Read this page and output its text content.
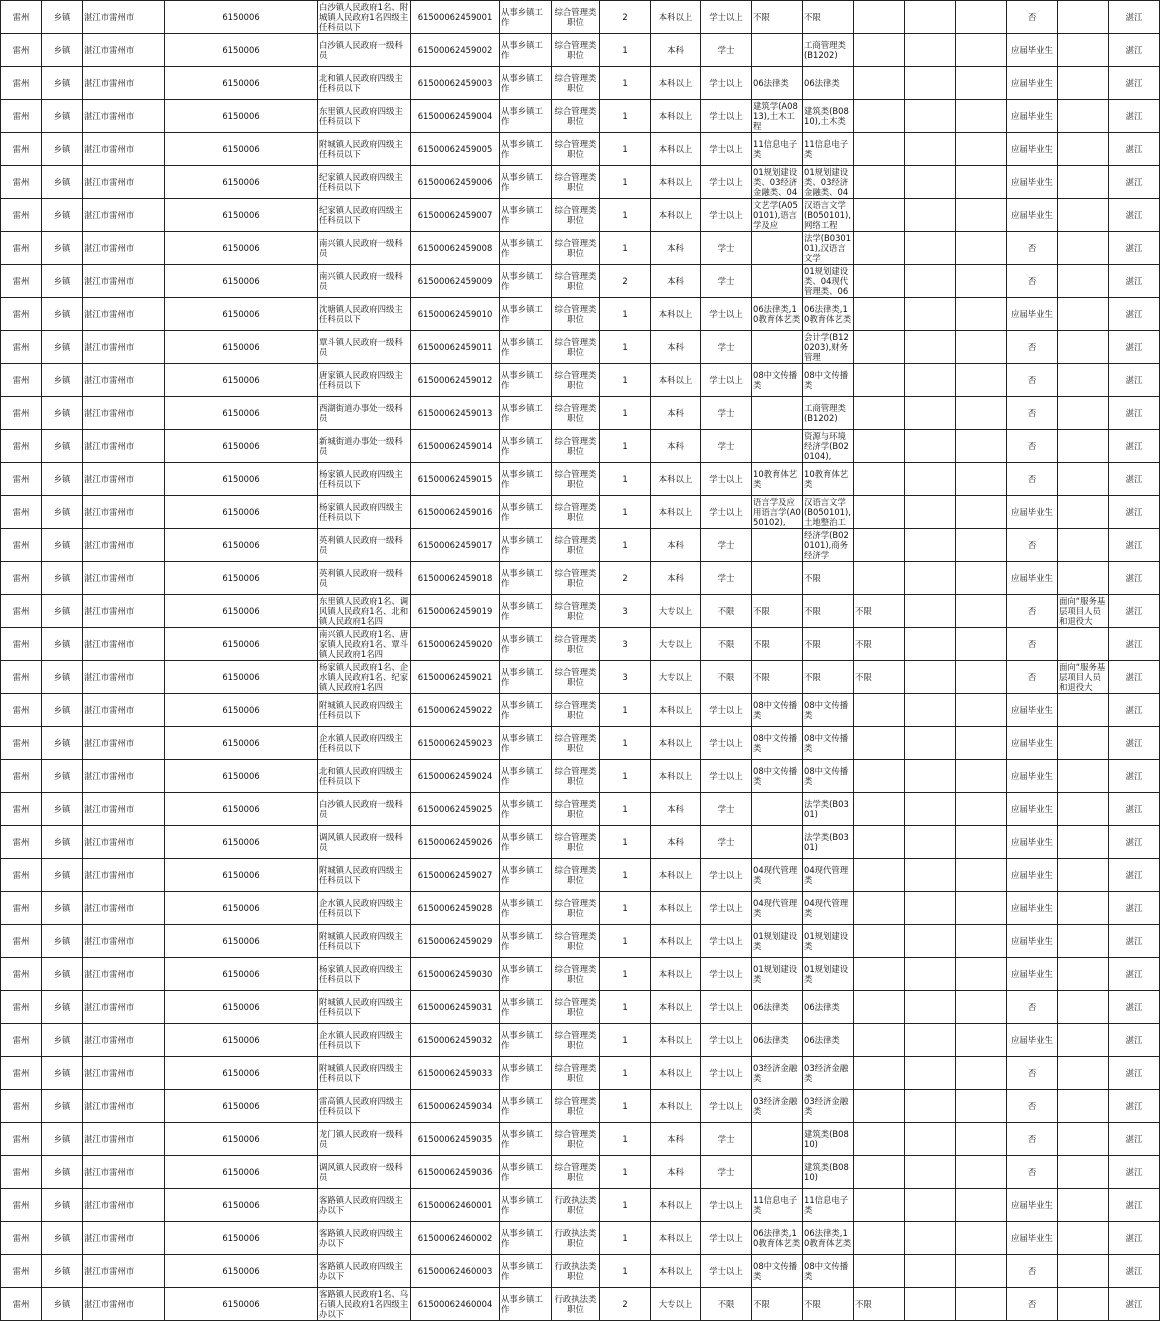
雷州	乡镇	湛江市雷州市	6150006	白沙镇人民政府1名、附城镇人民政府1名四级主任科员以下	61500062459001	从事乡镇工作	综合管理类职位	2	本科以上	学士以上	不限	不限				否		湛江

雷州	乡镇	湛江市雷州市	6150006	白沙镇人民政府一级科员	61500062459002	从事乡镇工作	综合管理类职位	1	本科	学士		工商管理类(B1202)				应届毕业生		湛江

雷州	乡镇	湛江市雷州市	6150006	北和镇人民政府四级主任科员以下	61500062459003	从事乡镇工作	综合管理类职位	1	本科以上	学士以上	06法律类	06法律类				应届毕业生		湛江

雷州	乡镇	湛江市雷州市	6150006	东里镇人民政府四级主任科员以下	61500062459004	从事乡镇工作	综合管理类职位	1	本科以上	学士以上	建筑学(A0813),土木工程	建筑类(B0810),土木类				应届毕业生		湛江

雷州	乡镇	湛江市雷州市	6150006	附城镇人民政府四级主任科员以下	61500062459005	从事乡镇工作	综合管理类职位	1	本科以上	学士以上	11信息电子类	11信息电子类				应届毕业生		湛江

雷州	乡镇	湛江市雷州市	6150006	纪家镇人民政府四级主任科员以下	61500062459006	从事乡镇工作	综合管理类职位	1	本科以上	学士以上	01规划建设类、03经济金融类、04	01规划建设类、03经济金融类、04				应届毕业生		湛江

雷州	乡镇	湛江市雷州市	6150006	纪家镇人民政府四级主任科员以下	61500062459007	从事乡镇工作	综合管理类职位	1	本科以上	学士以上	文艺学(A050101),语言学及应	汉语言文学(B050101),网络工程				应届毕业生		湛江

雷州	乡镇	湛江市雷州市	6150006	南兴镇人民政府一级科员	61500062459008	从事乡镇工作	综合管理类职位	1	本科	学士		法学(B030101),汉语言文学				否		湛江

雷州	乡镇	湛江市雷州市	6150006	南兴镇人民政府一级科员	61500062459009	从事乡镇工作	综合管理类职位	2	本科	学士		01规划建设类、04现代管理类、06				否		湛江

雷州	乡镇	湛江市雷州市	6150006	沈塘镇人民政府四级主任科员以下	61500062459010	从事乡镇工作	综合管理类职位	1	本科以上	学士以上	06法律类,10教育体艺类	06法律类,10教育体艺类				应届毕业生		湛江

雷州	乡镇	湛江市雷州市	6150006	覃斗镇人民政府一级科员	61500062459011	从事乡镇工作	综合管理类职位	1	本科	学士		会计学(B120203),财务管理				否		湛江

雷州	乡镇	湛江市雷州市	6150006	唐家镇人民政府四级主任科员以下	61500062459012	从事乡镇工作	综合管理类职位	1	本科以上	学士以上	08中文传播类	08中文传播类				否		湛江

雷州	乡镇	湛江市雷州市	6150006	西湖街道办事处一级科员	61500062459013	从事乡镇工作	综合管理类职位	1	本科	学士		工商管理类(B1202)				否		湛江

雷州	乡镇	湛江市雷州市	6150006	新城街道办事处一级科员	61500062459014	从事乡镇工作	综合管理类职位	1	本科	学士		资源与环境经济学(B020104),				否		湛江

雷州	乡镇	湛江市雷州市	6150006	杨家镇人民政府四级主任科员以下	61500062459015	从事乡镇工作	综合管理类职位	1	本科以上	学士以上	10教育体艺类	10教育体艺类				否		湛江

雷州	乡镇	湛江市雷州市	6150006	杨家镇人民政府四级主任科员以下	61500062459016	从事乡镇工作	综合管理类职位	1	本科以上	学士以上	语言学及应用语言学(A050102),	汉语言文学(B050101),土地整治工				应届毕业生		湛江

雷州	乡镇	湛江市雷州市	6150006	英利镇人民政府一级科员	61500062459017	从事乡镇工作	综合管理类职位	1	本科	学士		经济学(B020101),商务经济学				否		湛江

雷州	乡镇	湛江市雷州市	6150006	英利镇人民政府一级科员	61500062459018	从事乡镇工作	综合管理类职位	2	本科	学士		不限				应届毕业生		湛江

雷州	乡镇	湛江市雷州市	6150006	东里镇人民政府1名、调风镇人民政府1名、北和镇人民政府1名四	61500062459019	从事乡镇工作	综合管理类职位	3	大专以上	不限	不限	不限	不限			否	面向“服务基层项目人员和退役大	湛江

雷州	乡镇	湛江市雷州市	6150006	南兴镇人民政府1名、唐家镇人民政府1名、覃斗镇人民政府1名四	61500062459020	从事乡镇工作	综合管理类职位	3	大专以上	不限	不限	不限	不限			否		湛江

雷州	乡镇	湛江市雷州市	6150006	杨家镇人民政府1名、企水镇人民政府1名、纪家镇人民政府1名四	61500062459021	从事乡镇工作	综合管理类职位	3	大专以上	不限	不限	不限	不限			否	面向“服务基层项目人员和退役大	湛江

雷州	乡镇	湛江市雷州市	6150006	附城镇人民政府四级主任科员以下	61500062459022	从事乡镇工作	综合管理类职位	1	本科以上	学士以上	08中文传播类	08中文传播类				应届毕业生		湛江

雷州	乡镇	湛江市雷州市	6150006	企水镇人民政府四级主任科员以下	61500062459023	从事乡镇工作	综合管理类职位	1	本科以上	学士以上	08中文传播类	08中文传播类				应届毕业生		湛江

雷州	乡镇	湛江市雷州市	6150006	北和镇人民政府四级主任科员以下	61500062459024	从事乡镇工作	综合管理类职位	1	本科以上	学士以上	08中文传播类	08中文传播类				应届毕业生		湛江

雷州	乡镇	湛江市雷州市	6150006	白沙镇人民政府一级科员	61500062459025	从事乡镇工作	综合管理类职位	1	本科	学士		法学类(B0301)				应届毕业生		湛江

雷州	乡镇	湛江市雷州市	6150006	调风镇人民政府一级科员	61500062459026	从事乡镇工作	综合管理类职位	1	本科	学士		法学类(B0301)				应届毕业生		湛江

雷州	乡镇	湛江市雷州市	6150006	附城镇人民政府四级主任科员以下	61500062459027	从事乡镇工作	综合管理类职位	1	本科以上	学士以上	04现代管理类	04现代管理类				应届毕业生		湛江

雷州	乡镇	湛江市雷州市	6150006	企水镇人民政府四级主任科员以下	61500062459028	从事乡镇工作	综合管理类职位	1	本科以上	学士以上	04现代管理类	04现代管理类				应届毕业生		湛江

雷州	乡镇	湛江市雷州市	6150006	附城镇人民政府四级主任科员以下	61500062459029	从事乡镇工作	综合管理类职位	1	本科以上	学士以上	01规划建设类	01规划建设类				应届毕业生		湛江

雷州	乡镇	湛江市雷州市	6150006	杨家镇人民政府四级主任科员以下	61500062459030	从事乡镇工作	综合管理类职位	1	本科以上	学士以上	01规划建设类	01规划建设类				应届毕业生		湛江

雷州	乡镇	湛江市雷州市	6150006	附城镇人民政府四级主任科员以下	61500062459031	从事乡镇工作	综合管理类职位	1	本科以上	学士以上	06法律类	06法律类				否		湛江

雷州	乡镇	湛江市雷州市	6150006	企水镇人民政府四级主任科员以下	61500062459032	从事乡镇工作	综合管理类职位	1	本科以上	学士以上	06法律类	06法律类				应届毕业生		湛江

雷州	乡镇	湛江市雷州市	6150006	附城镇人民政府四级主任科员以下	61500062459033	从事乡镇工作	综合管理类职位	1	本科以上	学士以上	03经济金融类	03经济金融类				否		湛江

雷州	乡镇	湛江市雷州市	6150006	雷高镇人民政府四级主任科员以下	61500062459034	从事乡镇工作	综合管理类职位	1	本科以上	学士以上	03经济金融类	03经济金融类				否		湛江

雷州	乡镇	湛江市雷州市	6150006	龙门镇人民政府一级科员	61500062459035	从事乡镇工作	综合管理类职位	1	本科	学士		建筑类(B0810)				否		湛江

雷州	乡镇	湛江市雷州市	6150006	调风镇人民政府一级科员	61500062459036	从事乡镇工作	综合管理类职位	1	本科	学士		建筑类(B0810)				否		湛江

雷州	乡镇	湛江市雷州市	6150006	客路镇人民政府四级主办以下	61500062460001	从事乡镇工作	行政执法类职位	1	本科以上	学士以上	11信息电子类	11信息电子类				应届毕业生		湛江

雷州	乡镇	湛江市雷州市	6150006	客路镇人民政府四级主办以下	61500062460002	从事乡镇工作	行政执法类职位	1	本科以上	学士以上	06法律类,10教育体艺类	06法律类,10教育体艺类				应届毕业生		湛江

雷州	乡镇	湛江市雷州市	6150006	客路镇人民政府四级主办以下	61500062460003	从事乡镇工作	行政执法类职位	1	本科以上	学士以上	08中文传播类	08中文传播类				否		湛江

雷州	乡镇	湛江市雷州市	6150006	客路镇人民政府1名、乌石镇人民政府1名四级主办以下	61500062460004	从事乡镇工作	行政执法类职位	2	大专以上	不限	不限	不限	不限			否		湛江
